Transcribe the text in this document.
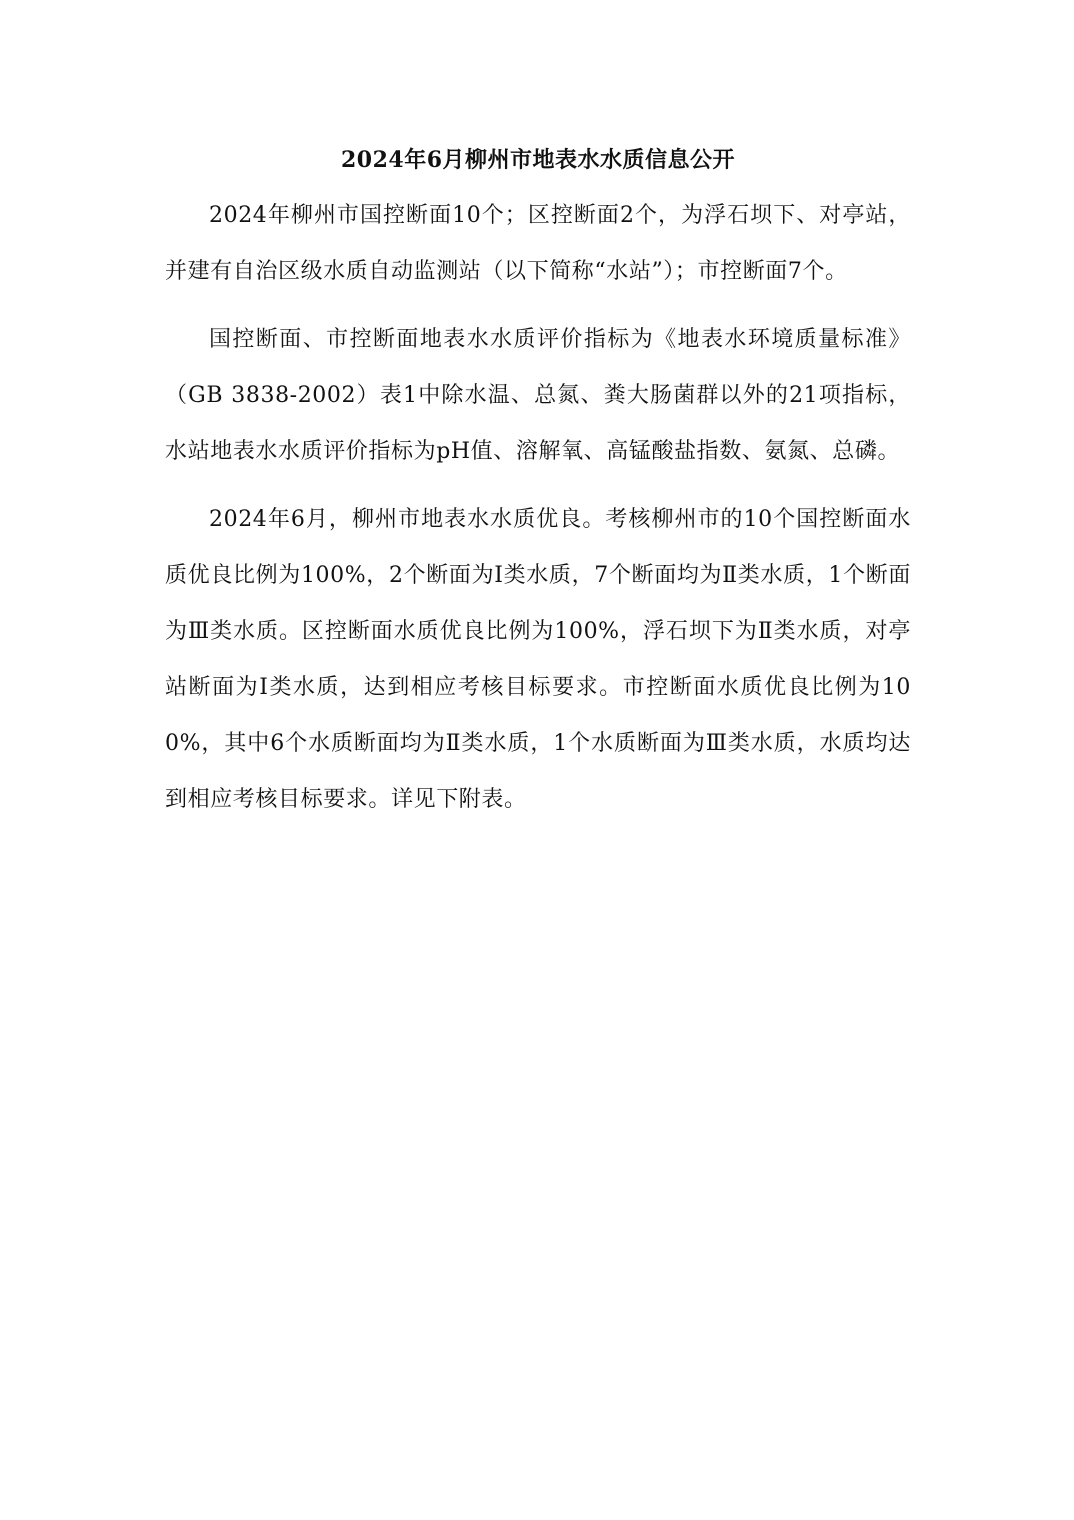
2024年6月柳州市地表水水质信息公开

2024年柳州市国控断面10个；区控断面2个，为浮石坝下、对亭站，并建有自治区级水质自动监测站（以下简称“水站”）；市控断面7个。

国控断面、市控断面地表水水质评价指标为《地表水环境质量标准》（GB 3838-2002）表1中除水温、总氮、粪大肠菌群以外的21项指标，水站地表水水质评价指标为pH值、溶解氧、高锰酸盐指数、氨氮、总磷。

2024年6月，柳州市地表水水质优良。考核柳州市的10个国控断面水质优良比例为100%，2个断面为Ⅰ类水质，7个断面均为Ⅱ类水质，1个断面为Ⅲ类水质。区控断面水质优良比例为100%，浮石坝下为Ⅱ类水质，对亭站断面为Ⅰ类水质，达到相应考核目标要求。市控断面水质优良比例为100%，其中6个水质断面均为Ⅱ类水质，1个水质断面为Ⅲ类水质，水质均达到相应考核目标要求。详见下附表。
